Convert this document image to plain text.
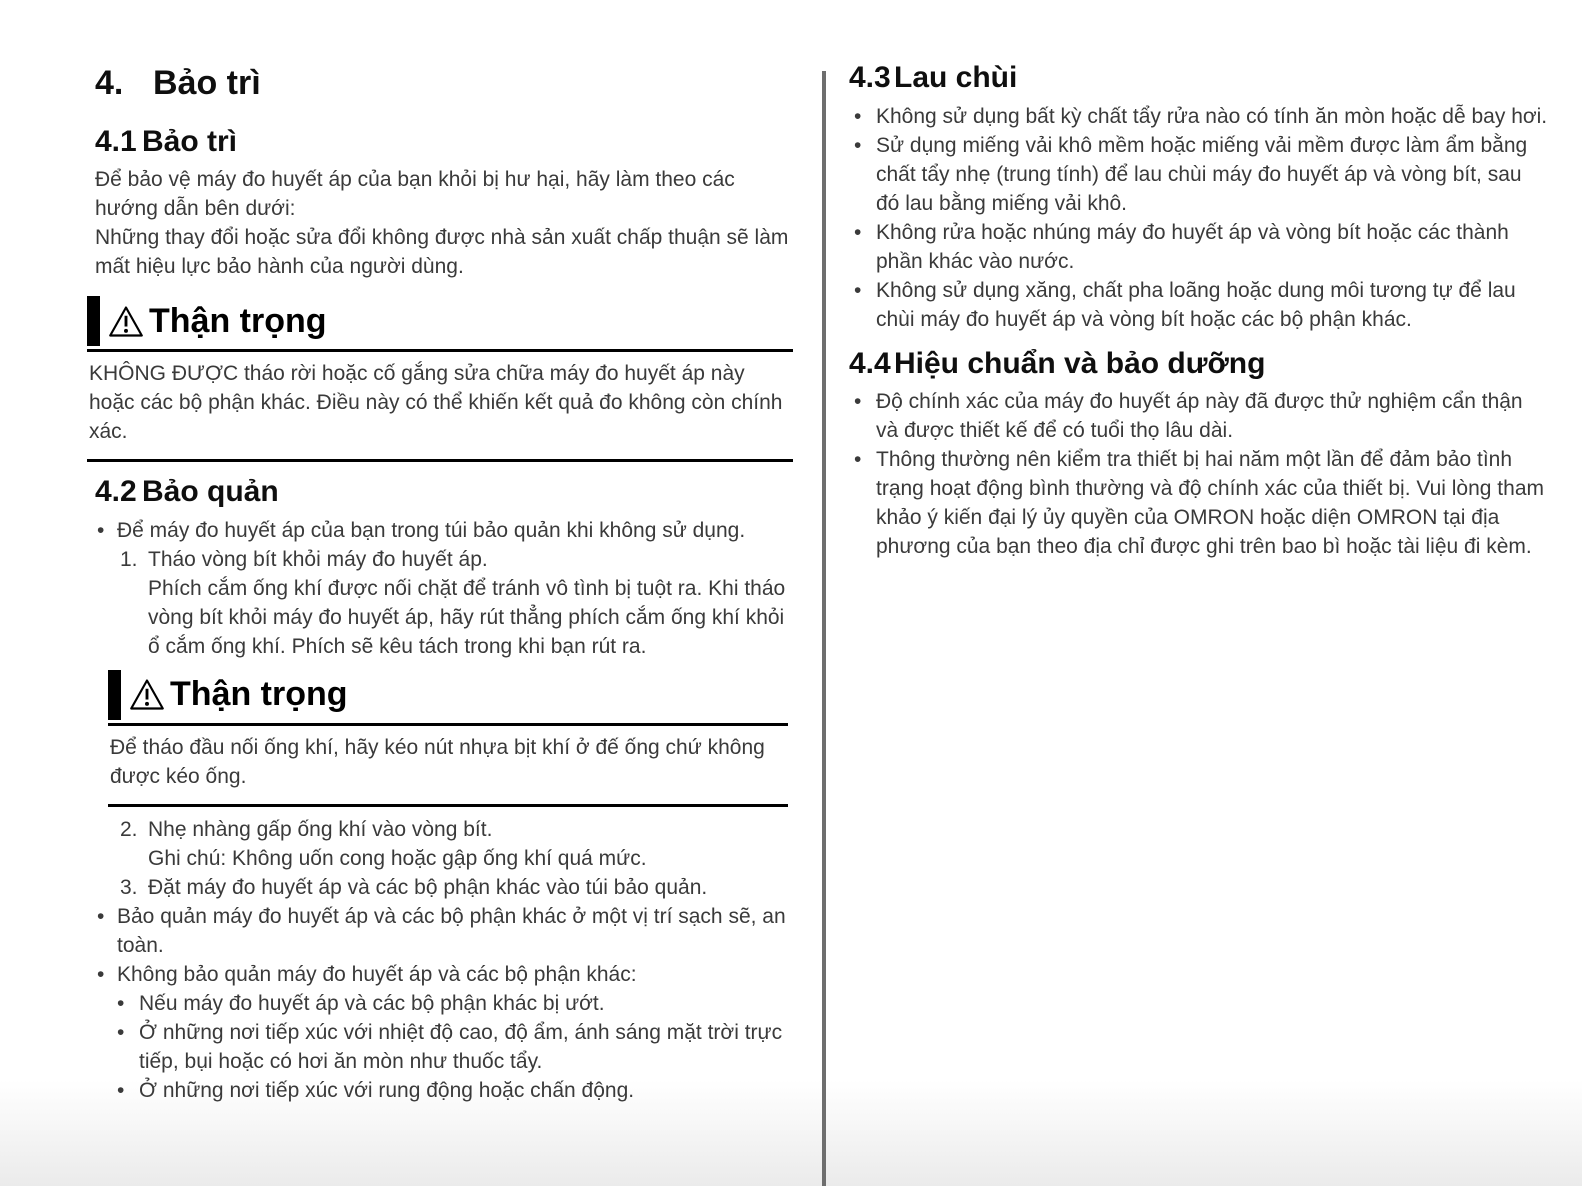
4. Bảo trì
4.1 Bảo trì

Để bảo vệ máy đo huyết áp của bạn khỏi bị hư hại, hãy làm theo các hướng dẫn bên dưới:

Những thay đổi hoặc sửa đổi không được nhà sản xuất chấp thuận sẽ làm mất hiệu lực bảo hành của người dùng.

Thận trọng
KHÔNG ĐƯỢC tháo rời hoặc cố gắng sửa chữa máy đo huyết áp này hoặc các bộ phận khác. Điều này có thể khiến kết quả đo không còn chính xác.
4.2 Bảo quản
• Để máy đo huyết áp của bạn trong túi bảo quản khi không sử dụng.
1. Tháo vòng bít khỏi máy đo huyết áp.
Phích cắm ống khí được nối chặt để tránh vô tình bị tuột ra. Khi tháo vòng bít khỏi máy đo huyết áp, hãy rút thẳng phích cắm ống khí khỏi ổ cắm ống khí. Phích sẽ kêu tách trong khi bạn rút ra.
Thận trọng
Để tháo đầu nối ống khí, hãy kéo nút nhựa bịt khí ở đế ống chứ không được kéo ống.
2. Nhẹ nhàng gấp ống khí vào vòng bít.
Ghi chú: Không uốn cong hoặc gập ống khí quá mức.
3. Đặt máy đo huyết áp và các bộ phận khác vào túi bảo quản.
• Bảo quản máy đo huyết áp và các bộ phận khác ở một vị trí sạch sẽ, an toàn.
• Không bảo quản máy đo huyết áp và các bộ phận khác:
• Nếu máy đo huyết áp và các bộ phận khác bị ướt.
• Ở những nơi tiếp xúc với nhiệt độ cao, độ ẩm, ánh sáng mặt trời trực tiếp, bụi hoặc có hơi ăn mòn như thuốc tẩy.
• Ở những nơi tiếp xúc với rung động hoặc chấn động.
4.3 Lau chùi
• Không sử dụng bất kỳ chất tẩy rửa nào có tính ăn mòn hoặc dễ bay hơi.
• Sử dụng miếng vải khô mềm hoặc miếng vải mềm được làm ẩm bằng chất tẩy nhẹ (trung tính) để lau chùi máy đo huyết áp và vòng bít, sau đó lau bằng miếng vải khô.
• Không rửa hoặc nhúng máy đo huyết áp và vòng bít hoặc các thành phần khác vào nước.
• Không sử dụng xăng, chất pha loãng hoặc dung môi tương tự để lau chùi máy đo huyết áp và vòng bít hoặc các bộ phận khác.
4.4 Hiệu chuẩn và bảo dưỡng
• Độ chính xác của máy đo huyết áp này đã được thử nghiệm cẩn thận và được thiết kế để có tuổi thọ lâu dài.
• Thông thường nên kiểm tra thiết bị hai năm một lần để đảm bảo tình trạng hoạt động bình thường và độ chính xác của thiết bị. Vui lòng tham khảo ý kiến đại lý ủy quyền của OMRON hoặc diện OMRON tại địa phương của bạn theo địa chỉ được ghi trên bao bì hoặc tài liệu đi kèm.
